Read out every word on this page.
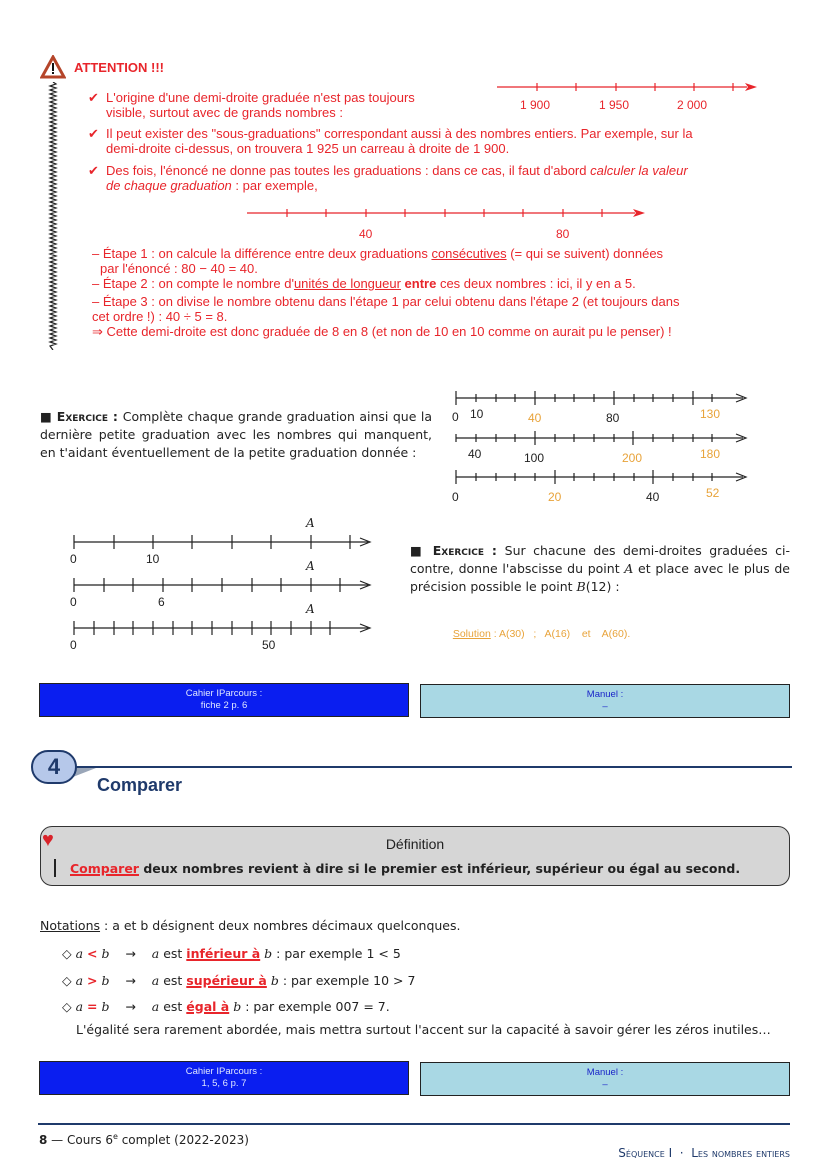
ATTENTION !!!
✔ L'origine d'une demi-droite graduée n'est pas toujours
visible, surtout avec de grands nombres :	1 900	1 950	2 000
✔ Il peut exister des "sous-graduations" correspondant aussi à des nombres entiers. Par exemple, sur la
demi-droite ci-dessus, on trouvera 1 925 un carreau à droite de 1 900.
✔ Des fois, l'énoncé ne donne pas toutes les graduations : dans ce cas, il faut d'abord calculer la valeur
de chaque graduation : par exemple,
40	80
– Étape 1 : on calcule la différence entre deux graduations consécutives (= qui se suivent) données
par l'énoncé : 80 − 40 = 40.
– Étape 2 : on compte le nombre d'unités de longueur entre ces deux nombres : ici, il y en a 5.
– Étape 3 : on divise le nombre obtenu dans l'étape 1 par celui obtenu dans l'étape 2 (et toujours dans
cet ordre !) : 40 ÷ 5 = 8.
⇒ Cette demi-droite est donc graduée de 8 en 8 (et non de 10 en 10 comme on aurait pu le penser) !
■ Exercice : Complète chaque grande graduation ainsi que la dernière petite graduation avec les nombres qui manquent, en t'aidant éventuellement de la petite graduation donnée :
0 10	40	80	130
40	100	200	180
0	20	40	52
A
0	10	A
0	6	A
0	50
■ Exercice : Sur chacune des demi-droites graduées ci-contre, donne l'abscisse du point A et place avec le plus de précision possible le point B(12) :

Solution : A(30)   ;   A(16)    et    A(60).

Cahier IParcours :
fiche 2 p. 6
Manuel :
–
4
Comparer
♥	Définition
Comparer deux nombres revient à dire si le premier est inférieur, supérieur ou égal au second.
Notations : a et b désignent deux nombres décimaux quelconques.
◇ a < b    →    a est inférieur à b : par exemple 1 < 5
◇ a > b    →    a est supérieur à b : par exemple 10 > 7
◇ a = b    →    a est égal à b : par exemple 007 = 7.
L'égalité sera rarement abordée, mais mettra surtout l'accent sur la capacité à savoir gérer les zéros inutiles…
Cahier IParcours :
1, 5, 6 p. 7
Manuel :
–
8 — Cours 6e complet (2022-2023)

Séquence I  ·  Les nombres entiers
